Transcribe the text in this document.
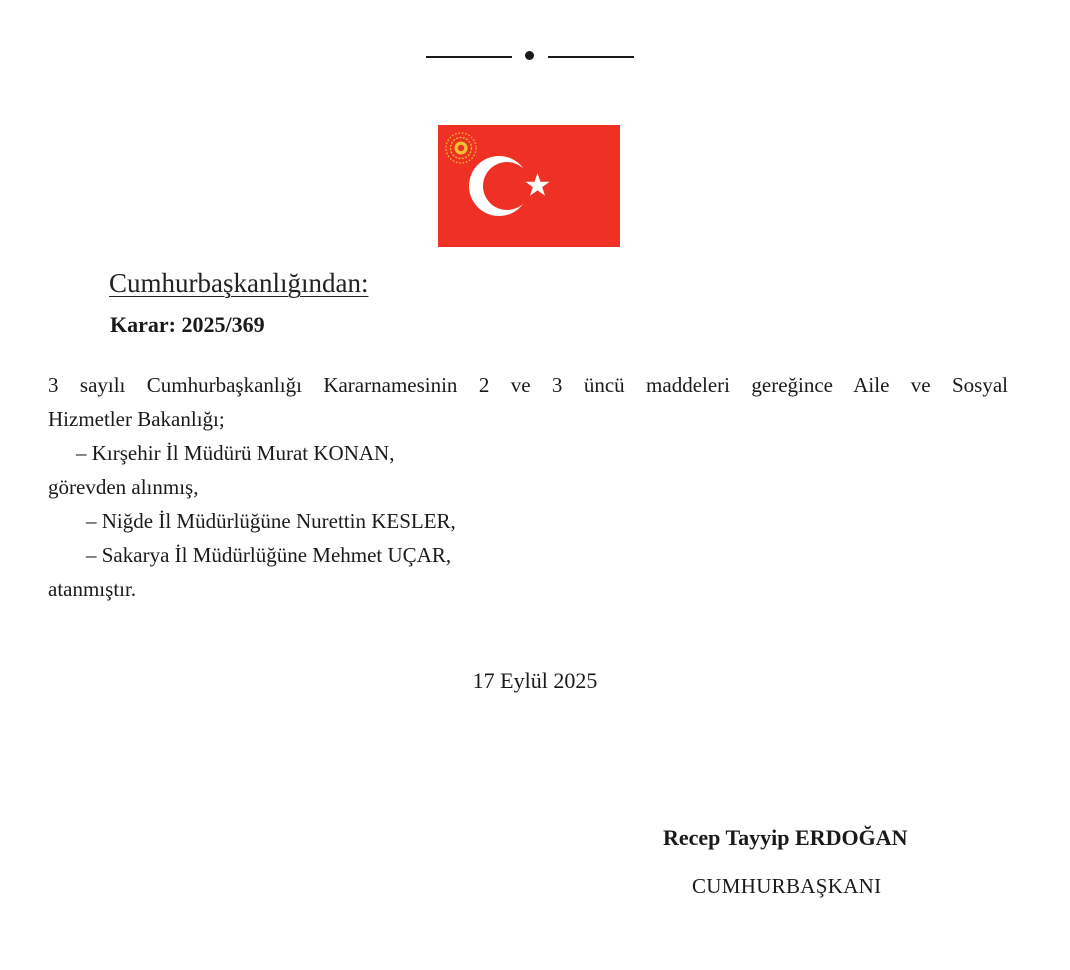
Cumhurbaşkanlığından:
Karar: 2025/369
3 sayılı Cumhurbaşkanlığı Kararnamesinin 2 ve 3 üncü maddeleri gereğince Aile ve Sosyal
Hizmetler Bakanlığı;
– Kırşehir İl Müdürü Murat KONAN,
görevden alınmış,
– Niğde İl Müdürlüğüne Nurettin KESLER,
– Sakarya İl Müdürlüğüne Mehmet UÇAR,
atanmıştır.
17 Eylül 2025
Recep Tayyip ERDOĞAN
CUMHURBAŞKANI
